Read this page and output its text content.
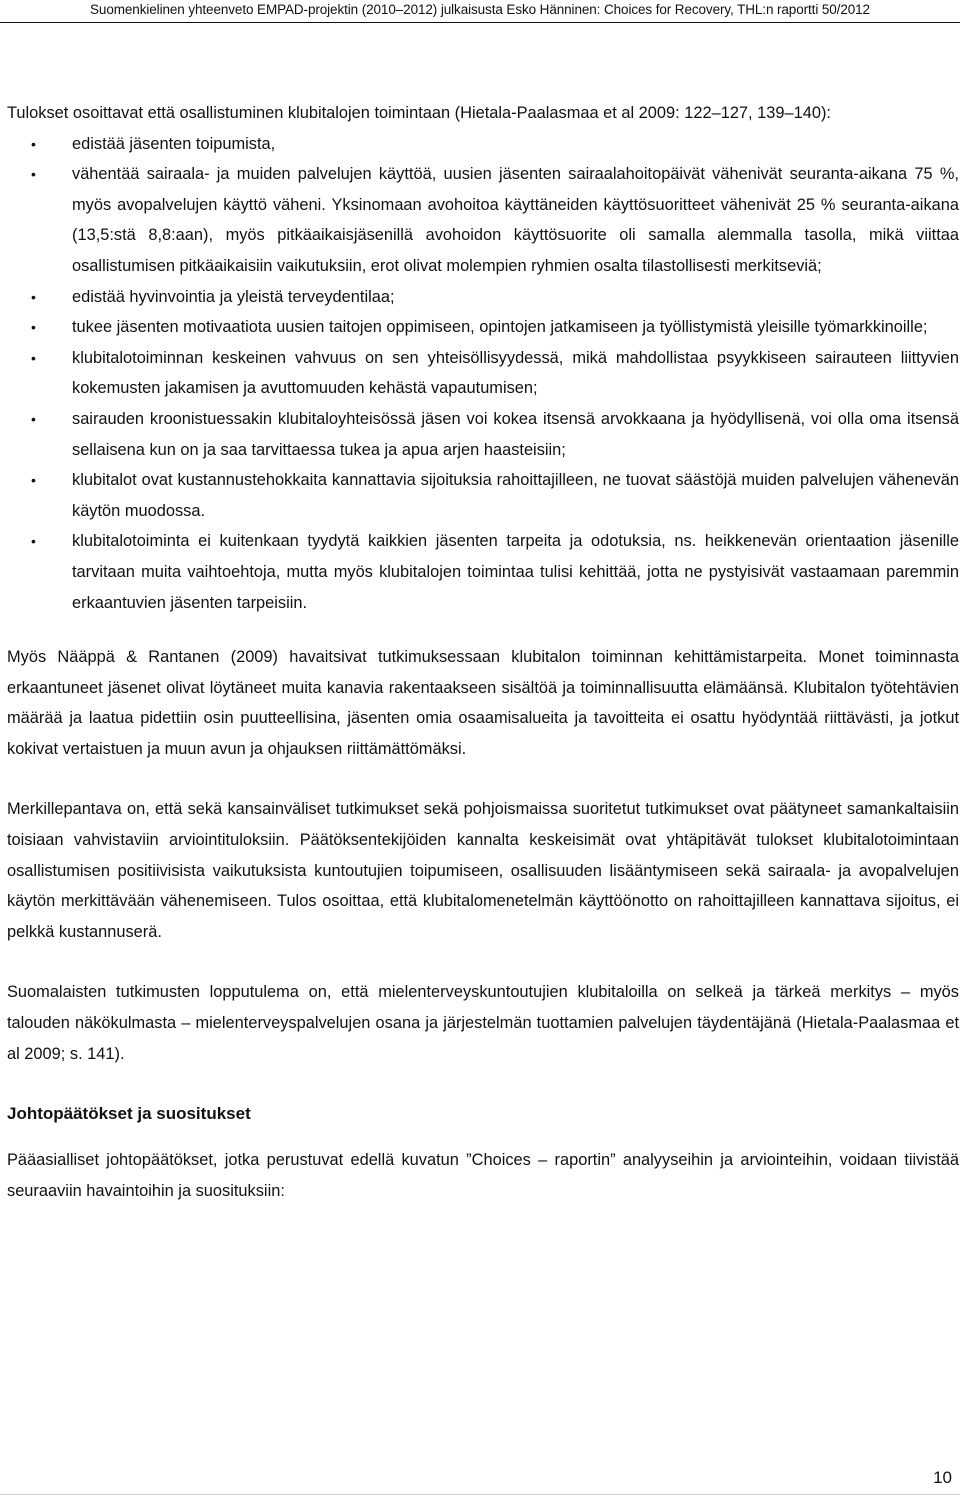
Suomenkielinen yhteenveto EMPAD-projektin (2010–2012) julkaisusta Esko Hänninen: Choices for Recovery, THL:n raportti 50/2012

Tulokset osoittavat että osallistuminen klubitalojen toimintaan (Hietala-Paalasmaa et al 2009: 122–127, 139–140):

• edistää jäsenten toipumista,
• vähentää sairaala- ja muiden palvelujen käyttöä, uusien jäsenten sairaalahoitopäivät vähenivät seuranta-aikana 75 %, myös avopalvelujen käyttö väheni. Yksinomaan avohoitoa käyttäneiden käyttösuoritteet vähenivät 25 % seuranta-aikana (13,5:stä 8,8:aan), myös pitkäaikaisjäsenillä avohoidon käyttösuorite oli samalla alemmalla tasolla, mikä viittaa osallistumisen pitkäaikaisiin vaikutuksiin, erot olivat molempien ryhmien osalta tilastollisesti merkitseviä;
• edistää hyvinvointia ja yleistä terveydentilaa;
• tukee jäsenten motivaatiota uusien taitojen oppimiseen, opintojen jatkamiseen ja työllistymistä yleisille työmarkkinoille;
• klubitalotoiminnan keskeinen vahvuus on sen yhteisöllisyydessä, mikä mahdollistaa psyykkiseen sairauteen liittyvien kokemusten jakamisen ja avuttomuuden kehästä vapautumisen;
• sairauden kroonistuessakin klubitaloyhteisössä jäsen voi kokea itsensä arvokkaana ja hyödyllisenä, voi olla oma itsensä sellaisena kun on ja saa tarvittaessa tukea ja apua arjen haasteisiin;
• klubitalot ovat kustannustehokkaita kannattavia sijoituksia rahoittajilleen, ne tuovat säästöjä muiden palvelujen vähenevän käytön muodossa.
• klubitalotoiminta ei kuitenkaan tyydytä kaikkien jäsenten tarpeita ja odotuksia, ns. heikkenevän orientaation jäsenille tarvitaan muita vaihtoehtoja, mutta myös klubitalojen toimintaa tulisi kehittää, jotta ne pystyisivät vastaamaan paremmin erkaantuvien jäsenten tarpeisiin.

Myös Nääppä & Rantanen (2009) havaitsivat tutkimuksessaan klubitalon toiminnan kehittämistarpeita. Monet toiminnasta erkaantuneet jäsenet olivat löytäneet muita kanavia rakentaakseen sisältöä ja toiminnallisuutta elämäänsä. Klubitalon työtehtävien määrää ja laatua pidettiin osin puutteellisina, jäsenten omia osaamisalueita ja tavoitteita ei osattu hyödyntää riittävästi, ja jotkut kokivat vertaistuen ja muun avun ja ohjauksen riittämättömäksi.

Merkillepantava on, että sekä kansainväliset tutkimukset sekä pohjoismaissa suoritetut tutkimukset ovat päätyneet samankaltaisiin toisiaan vahvistaviin arviointituloksiin. Päätöksentekijöiden kannalta keskeisimät ovat yhtäpitävät tulokset klubitalotoimintaan osallistumisen positiivisista vaikutuksista kuntoutujien toipumiseen, osallisuuden lisääntymiseen sekä sairaala- ja avopalvelujen käytön merkittävään vähenemiseen. Tulos osoittaa, että klubitalomenetelmän käyttöönotto on rahoittajilleen kannattava sijoitus, ei pelkkä kustannuserä.

Suomalaisten tutkimusten lopputulema on, että mielenterveyskuntoutujien klubitaloilla on selkeä ja tärkeä merkitys – myös talouden näkökulmasta – mielenterveyspalvelujen osana ja järjestelmän tuottamien palvelujen täydentäjänä (Hietala-Paalasmaa et al 2009; s. 141).

Johtopäätökset ja suositukset

Pääasialliset johtopäätökset, jotka perustuvat edellä kuvatun ”Choices – raportin” analyyseihin ja arviointeihin, voidaan tiivistää seuraaviin havaintoihin ja suosituksiin:

10
